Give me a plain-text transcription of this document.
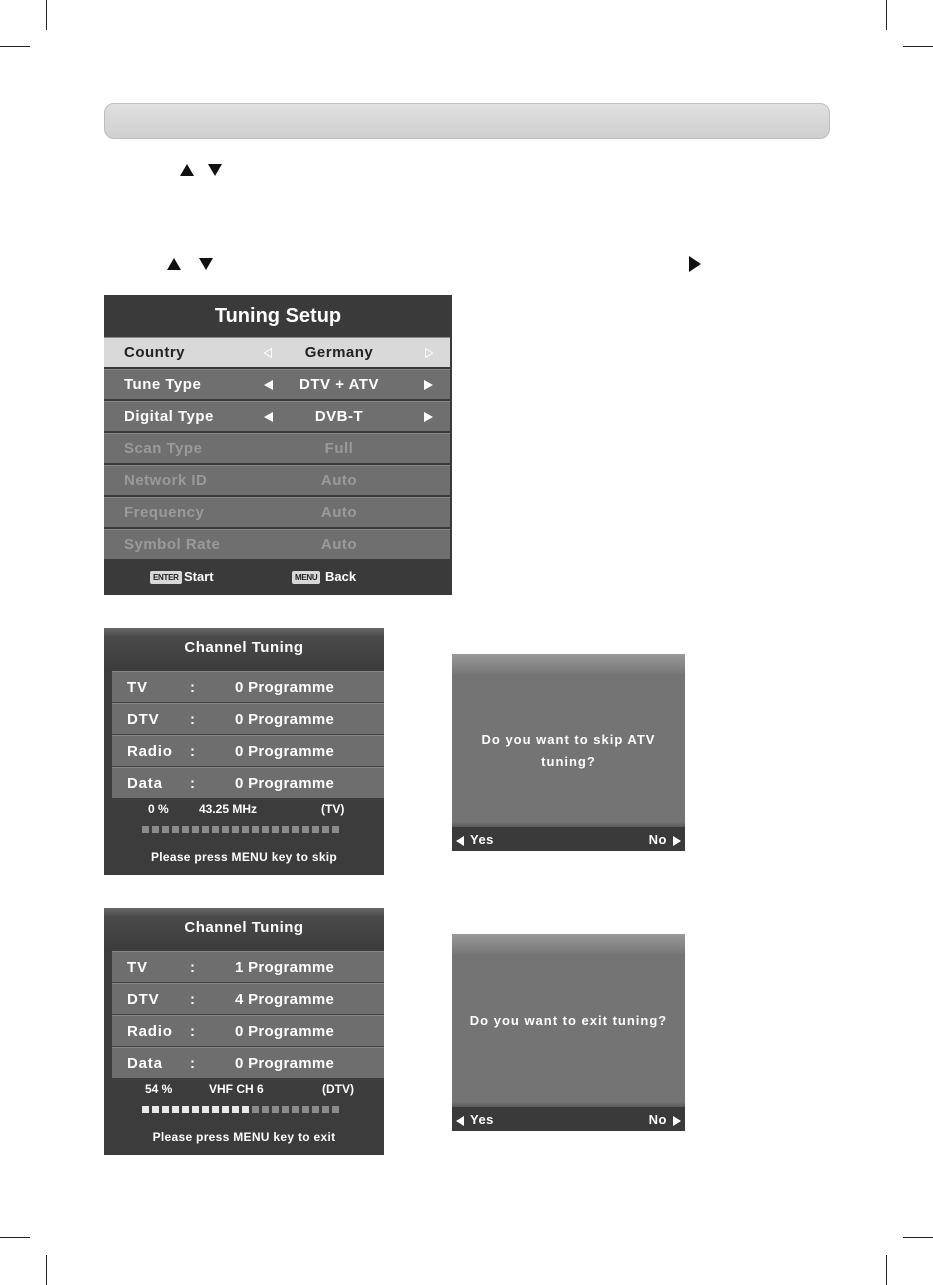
Tuning Setup
Country	Germany
Tune Type	DTV + ATV
Digital Type	DVB-T
Scan Type	Full
Network ID	Auto
Frequency	Auto
Symbol Rate	Auto
ENTER Start	MENU Back
Channel Tuning
TV	:	0 Programme
DTV :	0 Programme
Radio :	0 Programme
Data :	0 Programme
0 %	43.25 MHz	(TV)
Please press MENU key to skip
Channel Tuning
TV	:	1 Programme
DTV :	4 Programme
Radio :	0 Programme
Data :	0 Programme
54 %	VHF CH 6	(DTV)
Please press MENU key to exit
Do you want to skip ATV
tuning?
Yes	No
Do you want to exit tuning?
Yes	No
